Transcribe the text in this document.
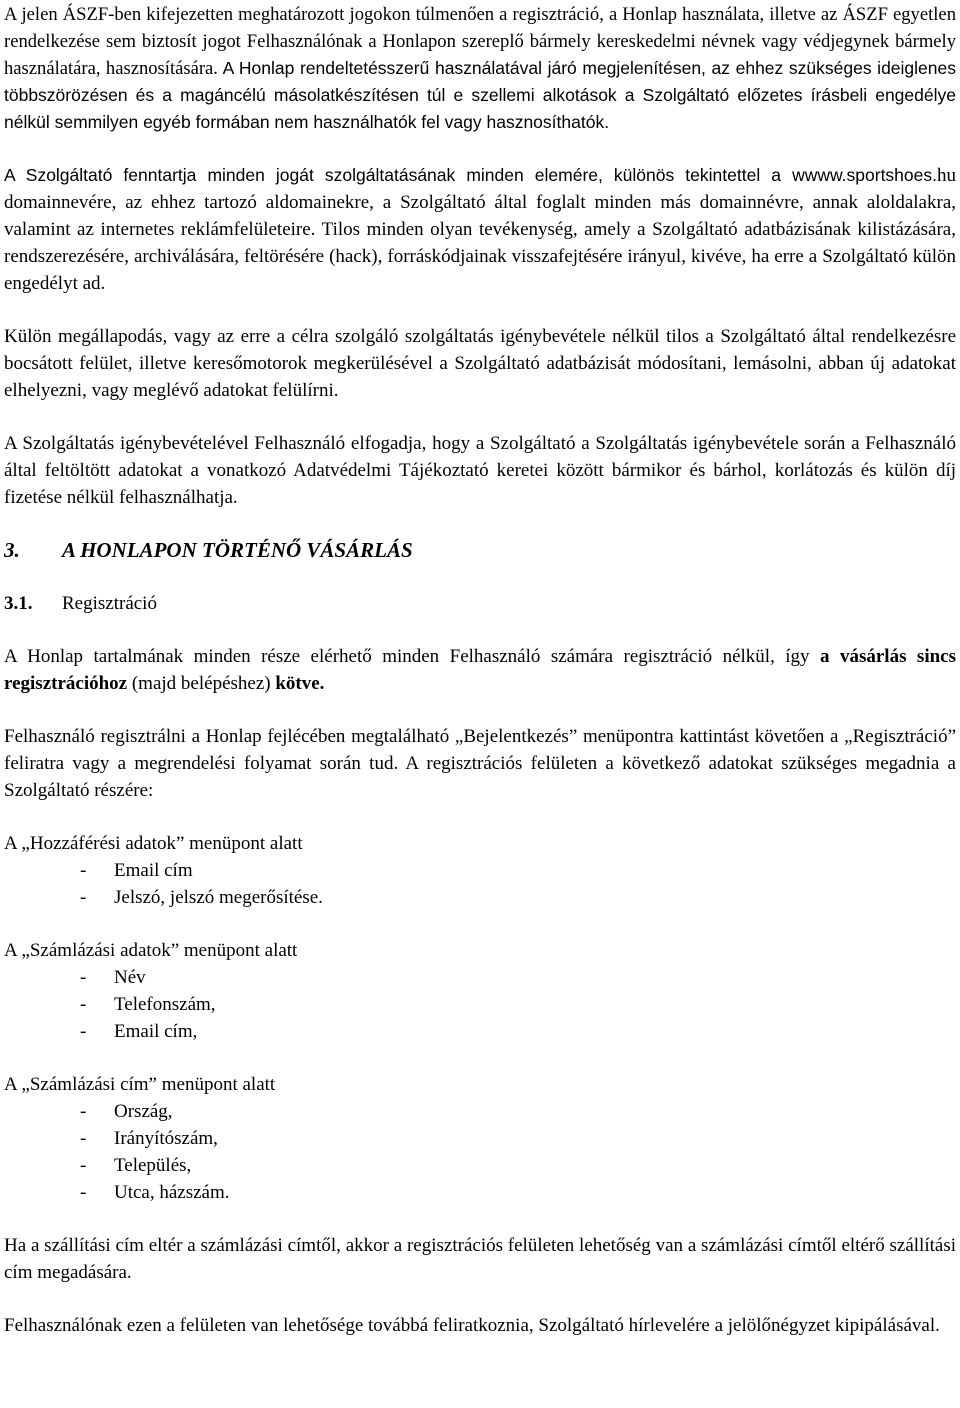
A jelen ÁSZF-ben kifejezetten meghatározott jogokon túlmenően a regisztráció, a Honlap használata, illetve az ÁSZF egyetlen rendelkezése sem biztosít jogot Felhasználónak a Honlapon szereplő bármely kereskedelmi névnek vagy védjegynek bármely használatára, hasznosítására. A Honlap rendeltetésszerű használatával járó megjelenítésen, az ehhez szükséges ideiglenes többszörözésen és a magáncélú másolatkészítésen túl e szellemi alkotások a Szolgáltató előzetes írásbeli engedélye nélkül semmilyen egyéb formában nem használhatók fel vagy hasznosíthatók.

A Szolgáltató fenntartja minden jogát szolgáltatásának minden elemére, különös tekintettel a wwww.sportshoes.hu domainnevére, az ehhez tartozó aldomainekre, a Szolgáltató által foglalt minden más domainnévre, annak aloldalakra, valamint az internetes reklámfelületeire. Tilos minden olyan tevékenység, amely a Szolgáltató adatbázisának kilistázására, rendszerezésére, archiválására, feltörésére (hack), forráskódjainak visszafejtésére irányul, kivéve, ha erre a Szolgáltató külön engedélyt ad.

Külön megállapodás, vagy az erre a célra szolgáló szolgáltatás igénybevétele nélkül tilos a Szolgáltató által rendelkezésre bocsátott felület, illetve keresőmotorok megkerülésével a Szolgáltató adatbázisát módosítani, lemásolni, abban új adatokat elhelyezni, vagy meglévő adatokat felülírni.

A Szolgáltatás igénybevételével Felhasználó elfogadja, hogy a Szolgáltató a Szolgáltatás igénybevétele során a Felhasználó által feltöltött adatokat a vonatkozó Adatvédelmi Tájékoztató keretei között bármikor és bárhol, korlátozás és külön díj fizetése nélkül felhasználhatja.

3. A HONLAPON TÖRTÉNŐ VÁSÁRLÁS

3.1. Regisztráció

A Honlap tartalmának minden része elérhető minden Felhasználó számára regisztráció nélkül, így a vásárlás sincs regisztrációhoz (majd belépéshez) kötve.

Felhasználó regisztrálni a Honlap fejlécében megtalálható „Bejelentkezés” menüpontra kattintást követően a „Regisztráció” feliratra vagy a megrendelési folyamat során tud. A regisztrációs felületen a következő adatokat szükséges megadnia a Szolgáltató részére:

A „Hozzáférési adatok” menüpont alatt

- Email cím
- Jelszó, jelszó megerősítése.

A „Számlázási adatok” menüpont alatt

- Név
- Telefonszám,
- Email cím,

A „Számlázási cím” menüpont alatt

- Ország,
- Irányítószám,
- Település,
- Utca, házszám.

Ha a szállítási cím eltér a számlázási címtől, akkor a regisztrációs felületen lehetőség van a számlázási címtől eltérő szállítási cím megadására.

Felhasználónak ezen a felületen van lehetősége továbbá feliratkoznia, Szolgáltató hírlevelére a jelölőnégyzet kipipálásával.
